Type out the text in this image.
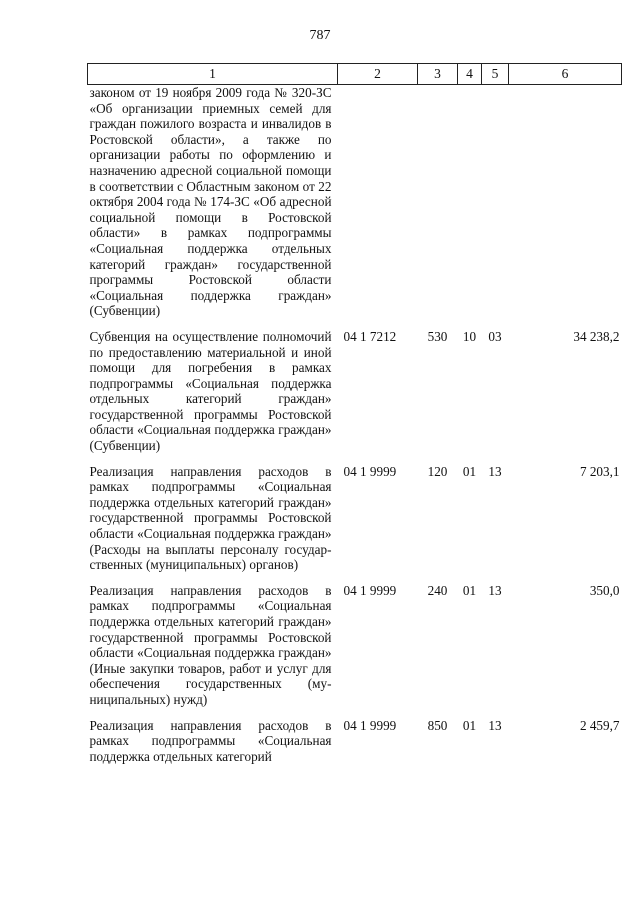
787
1	2	3	4	5	6
законом от 19 ноября 2009 года № 320-ЗС «Об организации приемных семей для граждан пожилого возраста и инвалидов в Ростовской области», а также по организации работы по оформлению и назначению адресной социальной помощи в соответствии с Областным законом от 22 октября 2004 года № 174-ЗС «Об адресной социальной помощи в Ростовской области» в рамках подпрограммы «Социальная поддержка отдельных категорий граждан» государственной программы Ростовской области «Социальная поддержка граждан» (Субвенции)					

Субвенция на осуществление полномочий по предоставлению материальной и иной помощи для погребения в рамках подпрограммы «Социальная поддержка отдельных категорий граждан» государственной программы Ростовской области «Социальная поддержка граждан» (Субвенции)	04 1 7212	530	10	03	34 238,2

Реализация направления расходов в рамках подпрограммы «Социальная поддержка отдельных категорий граждан» государственной программы Ростовской области «Социальная поддержка граждан» (Расходы на выплаты персоналу государственных (муниципальных) органов)	04 1 9999	120	01	13	7 203,1

Реализация направления расходов в рамках подпрограммы «Социальная поддержка отдельных категорий граждан» государственной программы Ростовской области «Социальная поддержка граждан» (Иные закупки товаров, работ и услуг для обеспечения государственных (муниципальных) нужд)	04 1 9999	240	01	13	350,0

Реализация направления расходов в рамках подпрограммы «Социальная поддержка отдельных категорий	04 1 9999	850	01	13	2 459,7
